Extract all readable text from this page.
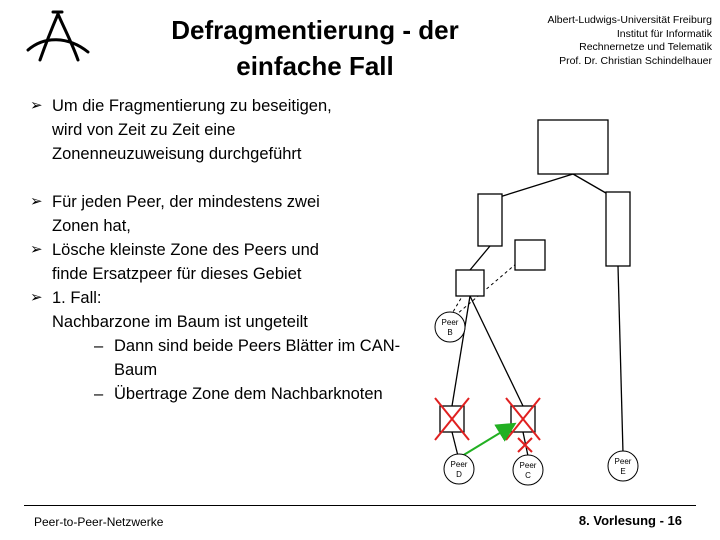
Defragmentierung - der
einfache Fall
Albert-Ludwigs-Universität Freiburg
Institut für Informatik
Rechnernetze und Telematik
Prof. Dr. Christian Schindelhauer
➢ Um die Fragmentierung zu beseitigen,
wird von Zeit zu Zeit eine
Zonenneuzuweisung durchgeführt
➢ Für jeden Peer, der mindestens zwei
Zonen hat,
➢ Lösche kleinste Zone des Peers und
finde Ersatzpeer für dieses Gebiet
➢ 1. Fall:
Nachbarzone im Baum ist ungeteilt
– Dann sind beide Peers Blätter im CAN-
Baum
– Übertrage Zone dem Nachbarknoten
Peer
B
Peer
D
Peer
C
Peer
E
Peer-to-Peer-Netzwerke	8. Vorlesung - 16
